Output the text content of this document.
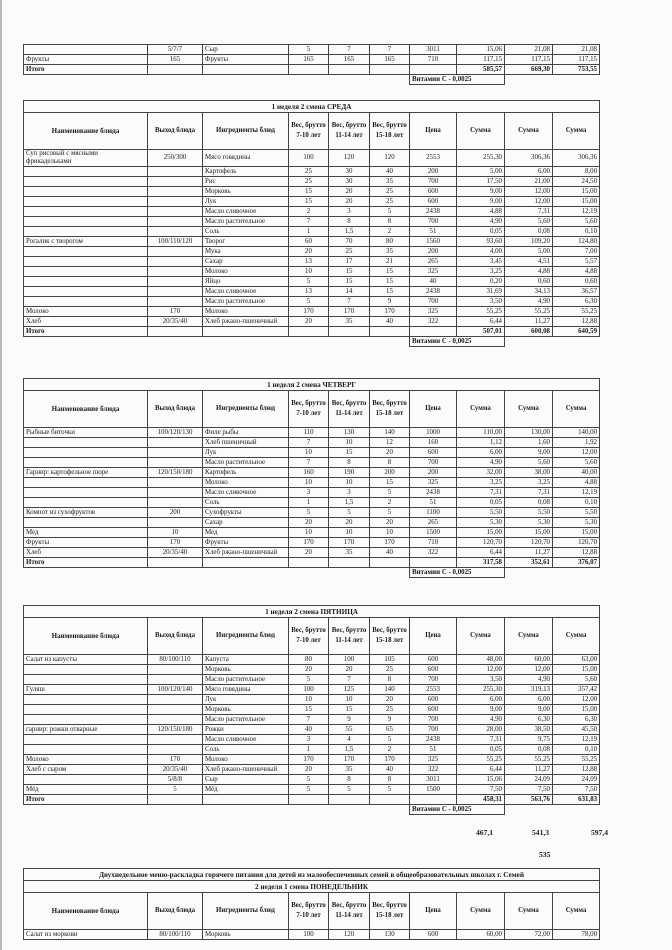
	5/7/7	Сыр	5	7	7	3011	15,06	21,08	21,08
Фрукты	165	Фрукты	165	165	165	710	117,15	117,15	117,15
Итого							585,57	669,30	753,55
						Витамин С - 0,0025			
1 неделя 2 смена СРЕДА									
Наименование блюда	Выход блюда	Ингредиенты блюд	Вес, брутто 7-10 лет	Вес, брутто 11-14 лет	Вес, брутто 15-18 лет	Цена	Сумма	Сумма	Сумма
Суп рисовый с мясными фрикадельками	250/300	Мясо говядины	100	120	120	2553	255,30	306,36	306,36
		Картофель	25	30	40	200	5,00	6,00	8,00
		Рис	25	30	35	700	17,50	21,00	24,50
		Морковь	15	20	25	600	9,00	12,00	15,00
		Лук	15	20	25	600	9,00	12,00	15,00
		Масло сливочное	2	3	5	2438	4,88	7,31	12,19
		Масло растительное	7	8	8	700	4,90	5,60	5,60
		Соль	1	1,5	2	51	0,05	0,08	0,10
Рогалик с творогом	100/110/120	Творог	60	70	80	1560	93,60	109,20	124,80
		Мука	20	25	35	200	4,00	5,00	7,00
		Сахар	13	17	21	265	3,45	4,51	5,57
		Молоко	10	15	15	325	3,25	4,88	4,88
		Яйцо	5	15	15	40	0,20	0,60	0,60
		Масло сливочное	13	14	15	2438	31,69	34,13	36,57
		Масло растительное	5	7	9	700	3,50	4,90	6,30
Молоко	170	Молоко	170	170	170	325	55,25	55,25	55,25
Хлеб	20/35/40	Хлеб ржано-пшеничный	20	35	40	322	6,44	11,27	12,88
Итого							507,01	600,08	640,59
						Витамин С - 0,0025			
1 неделя 2 смена ЧЕТВЕРГ									
Наименование блюда	Выход блюда	Ингредиенты блюд	Вес, брутто 7-10 лет	Вес, брутто 11-14 лет	Вес, брутто 15-18 лет	Цена	Сумма	Сумма	Сумма
Рыбные биточки	100/120/130	Филе рыбы	110	130	140	1000	110,00	130,00	140,00
		Хлеб пшеничный	7	10	12	160	1,12	1,60	1,92
		Лук	10	15	20	600	6,00	9,00	12,00
		Масло растительное	7	8	8	700	4,90	5,60	5,60
Гарнир: картофельное пюре	120/150/180	Картофель	160	190	200	200	32,00	38,00	40,00
		Молоко	10	10	15	325	3,25	3,25	4,88
		Масло сливочное	3	3	5	2438	7,31	7,31	12,19
		Соль	1	1,5	2	51	0,05	0,08	0,10
Компот из сухофруктов	200	Сухофрукты	5	5	5	1100	5,50	5,50	5,50
		Сахар	20	20	20	265	5,30	5,30	5,30
Мед	10	Мед	10	10	10	1500	15,00	15,00	15,00
Фрукты	170	Фрукты	170	170	170	710	120,70	120,70	120,70
Хлеб	20/35/40	Хлеб ржано-пшеничный	20	35	40	322	6,44	11,27	12,88
Итого							317,58	352,61	376,07
						Витамин С - 0,0025			
1 неделя 2 смена ПЯТНИЦА									
Наименование блюда	Выход блюда	Ингредиенты блюд	Вес, брутто 7-10 лет	Вес, брутто 11-14 лет	Вес, брутто 15-18 лет	Цена	Сумма	Сумма	Сумма
Салат из капусты	80/100/110	Капуста	80	100	105	600	48,00	60,00	63,00
		Морковь	20	20	25	600	12,00	12,00	15,00
		Масло растительное	5	7	8	700	3,50	4,90	5,60
Гуляш	100/120/140	Мясо говядины	100	125	140	2553	255,30	319,13	357,42
		Лук	10	10	20	600	6,00	6,00	12,00
		Морковь	15	15	25	600	9,00	9,00	15,00
		Масло растительное	7	9	9	700	4,90	6,30	6,30
гарнир: рожки отварные	120/150/180	Рожки	40	55	65	700	28,00	38,50	45,50
		Масло сливочное	3	4	5	2438	7,31	9,75	12,19
		Соль	1	1,5	2	51	0,05	0,08	0,10
Молоко	170	Молоко	170	170	170	325	55,25	55,25	55,25
Хлеб с сыром	20/35/40	Хлеб ржано-пшеничный	20	35	40	322	6,44	11,27	12,88
	5/8/8	Сыр	5	8	8	3011	15,06	24,09	24,09
Мёд	5	Мёд	5	5	5	1500	7,50	7,50	7,50
Итого							458,31	563,76	631,83
						Витамин С - 0,0025			
467,1	541,3	597,4
535
Двухнедельное меню-раскладка горячего питания для детей из малообеспеченных семей в общеобразовательных школах г. Семей									
2 неделя 1 смена ПОНЕДЕЛЬНИК									
Наименование блюда	Выход блюда	Ингредиенты блюд	Вес, брутто 7-10 лет	Вес, брутто 11-14 лет	Вес, брутто 15-18 лет	Цена	Сумма	Сумма	Сумма
Салат из моркови	80/100/110	Морковь	100	120	130	600	60,00	72,00	78,00
